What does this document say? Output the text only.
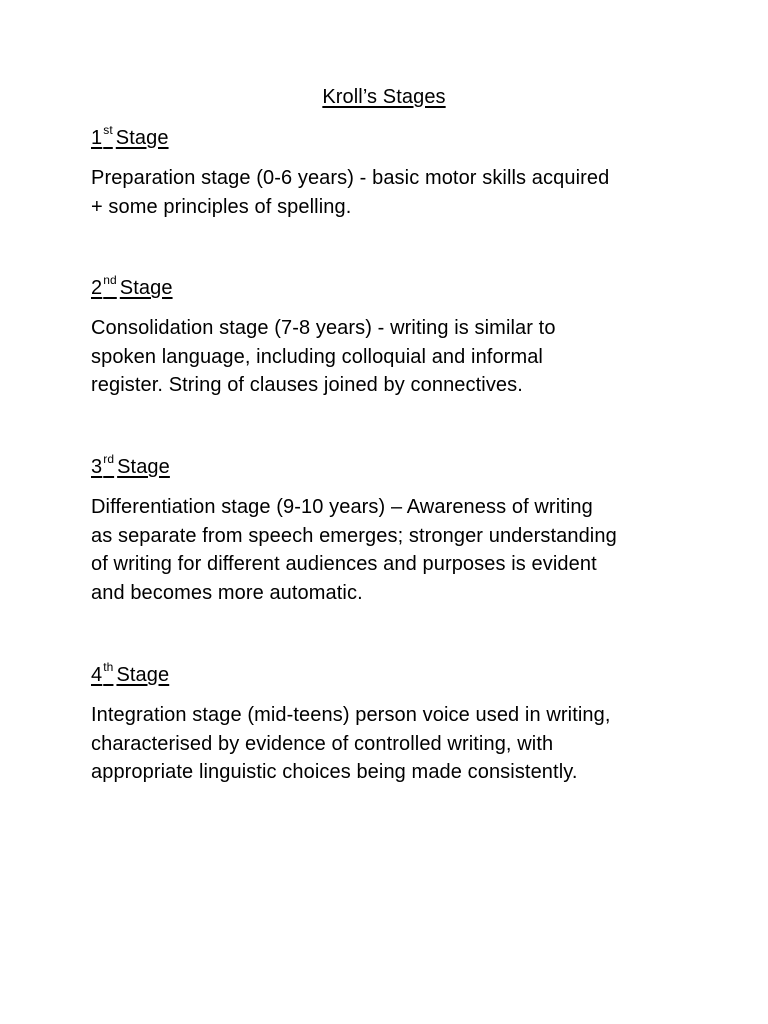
Kroll’s Stages
1st Stage
Preparation stage (0-6 years) - basic motor skills acquired
+ some principles of spelling.
2nd Stage
Consolidation stage (7-8 years) - writing is similar to
spoken language, including colloquial and informal
register. String of clauses joined by connectives.
3rd Stage
Differentiation stage (9-10 years) – Awareness of writing
as separate from speech emerges; stronger understanding
of writing for different audiences and purposes is evident
and becomes more automatic.
4th Stage
Integration stage (mid-teens) person voice used in writing,
characterised by evidence of controlled writing, with
appropriate linguistic choices being made consistently.
